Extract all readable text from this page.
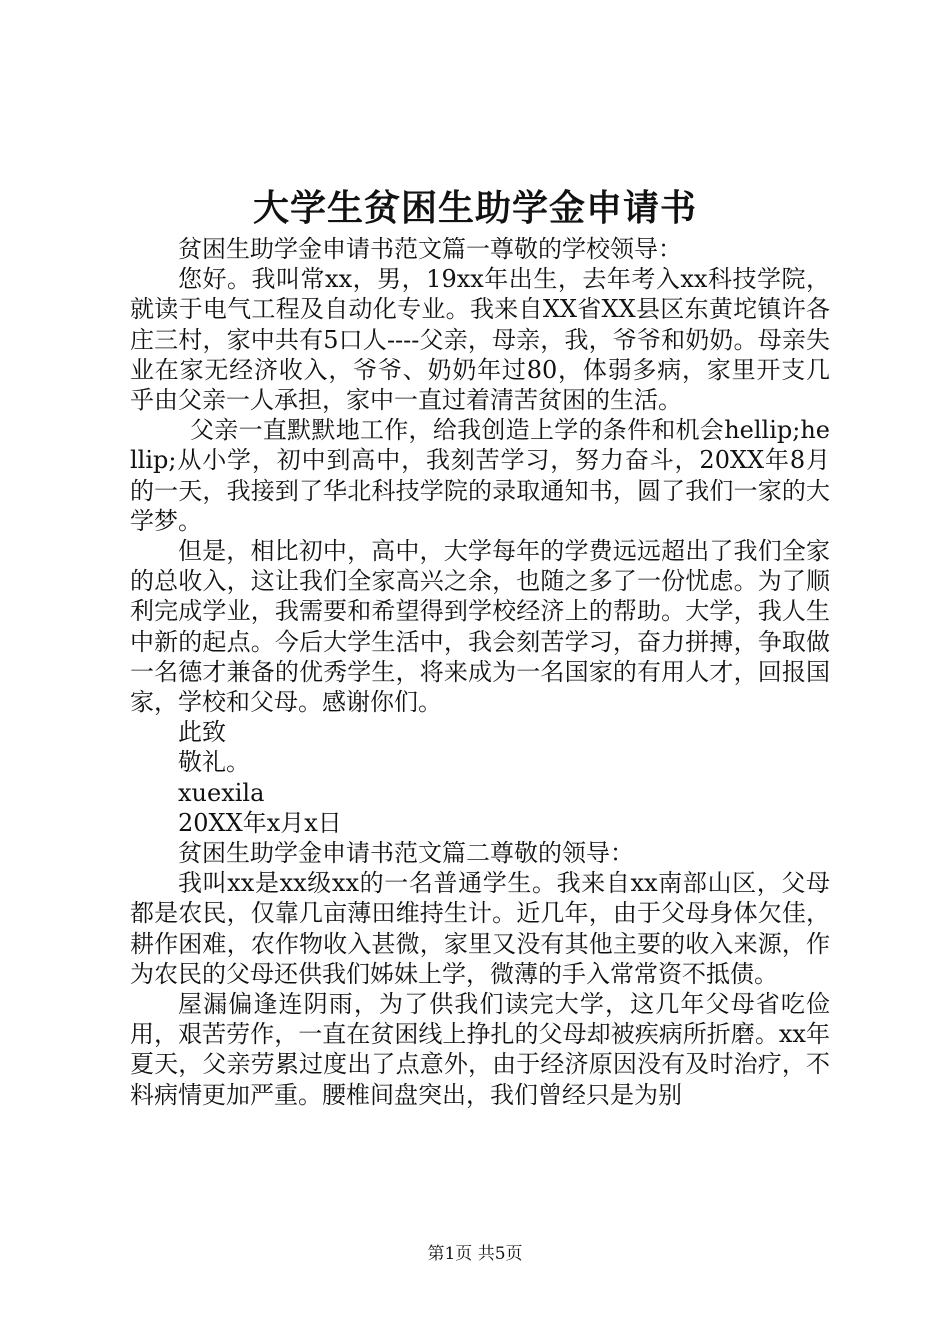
大学生贫困生助学金申请书

贫困生助学金申请书范文篇一尊敬的学校领导：

您好。我叫常xx，男，19xx年出生，去年考入xx科技学院，就读于电气工程及自动化专业。我来自XX省XX县区东黄坨镇许各庄三村，家中共有5口人----父亲，母亲，我，爷爷和奶奶。母亲失业在家无经济收入，爷爷、奶奶年过80，体弱多病，家里开支几乎由父亲一人承担，家中一直过着清苦贫困的生活。

父亲一直默默地工作，给我创造上学的条件和机会hellip;hellip;从小学，初中到高中，我刻苦学习，努力奋斗，20XX年8月的一天，我接到了华北科技学院的录取通知书，圆了我们一家的大学梦。

但是，相比初中，高中，大学每年的学费远远超出了我们全家的总收入，这让我们全家高兴之余，也随之多了一份忧虑。为了顺利完成学业，我需要和希望得到学校经济上的帮助。大学，我人生中新的起点。今后大学生活中，我会刻苦学习，奋力拼搏，争取做一名德才兼备的优秀学生，将来成为一名国家的有用人才，回报国家，学校和父母。感谢你们。

此致

敬礼。

xuexila

20XX年x月x日

贫困生助学金申请书范文篇二尊敬的领导：

我叫xx是xx级xx的一名普通学生。我来自xx南部山区，父母都是农民，仅靠几亩薄田维持生计。近几年，由于父母身体欠佳，耕作困难，农作物收入甚微，家里又没有其他主要的收入来源，作为农民的父母还供我们姊妹上学，微薄的手入常常资不抵债。

屋漏偏逢连阴雨，为了供我们读完大学，这几年父母省吃俭用，艰苦劳作，一直在贫困线上挣扎的父母却被疾病所折磨。xx年夏天，父亲劳累过度出了点意外，由于经济原因没有及时治疗，不料病情更加严重。腰椎间盘突出，我们曾经只是为别

第1页 共5页
